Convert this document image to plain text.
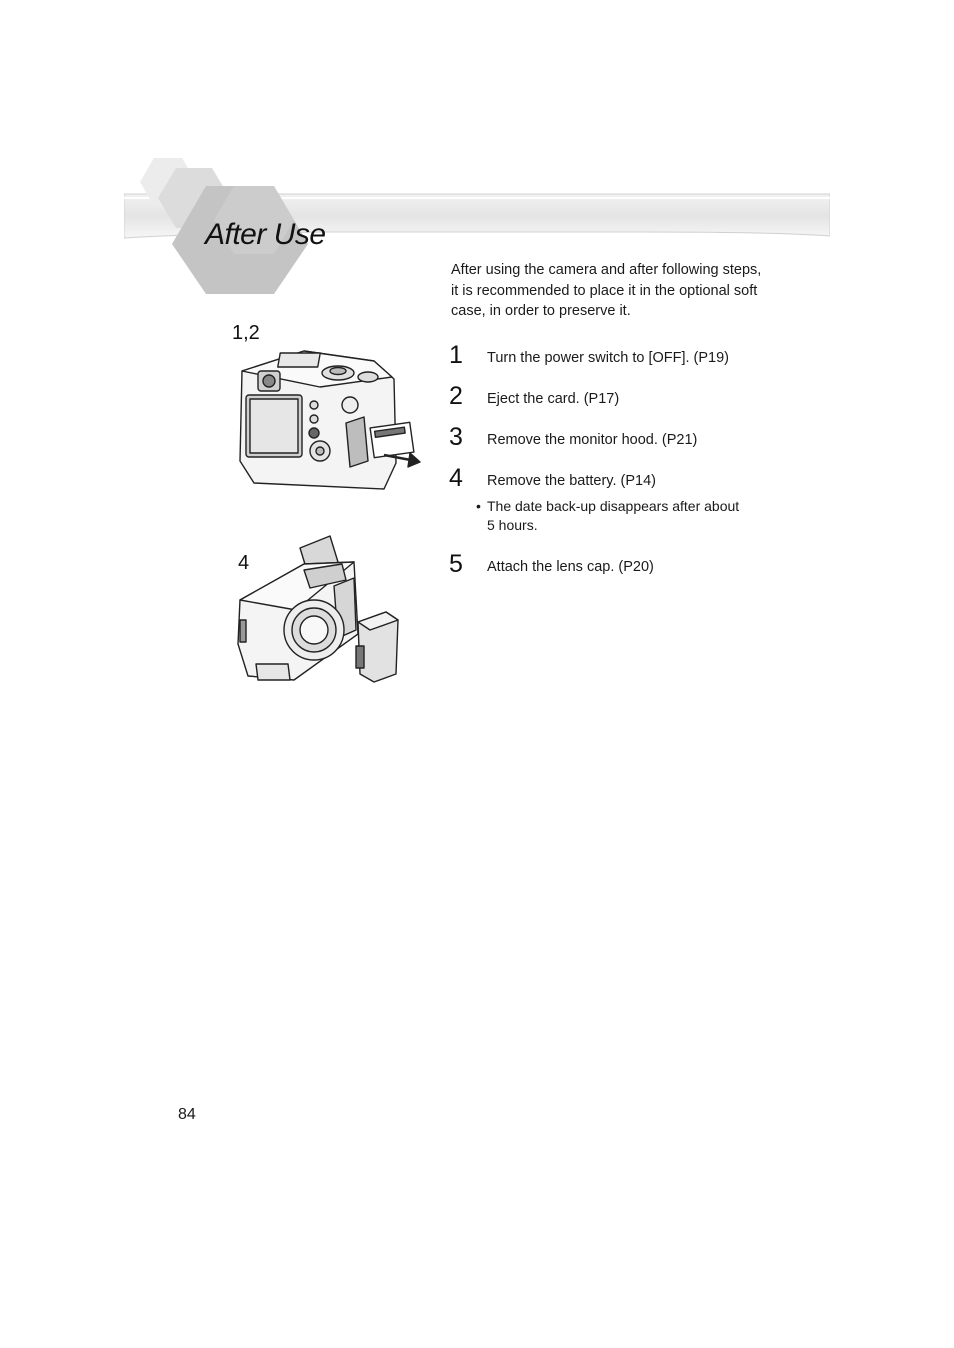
After Use

After using the camera and after following steps, it is recommended to place it in the optional soft case, in order to preserve it.

1 Turn the power switch to [OFF]. (P19)
2 Eject the card. (P17)
3 Remove the monitor hood. (P21)
4 Remove the battery. (P14)
• The date back-up disappears after about 5 hours.
5 Attach the lens cap. (P20)
1,2
4
84
